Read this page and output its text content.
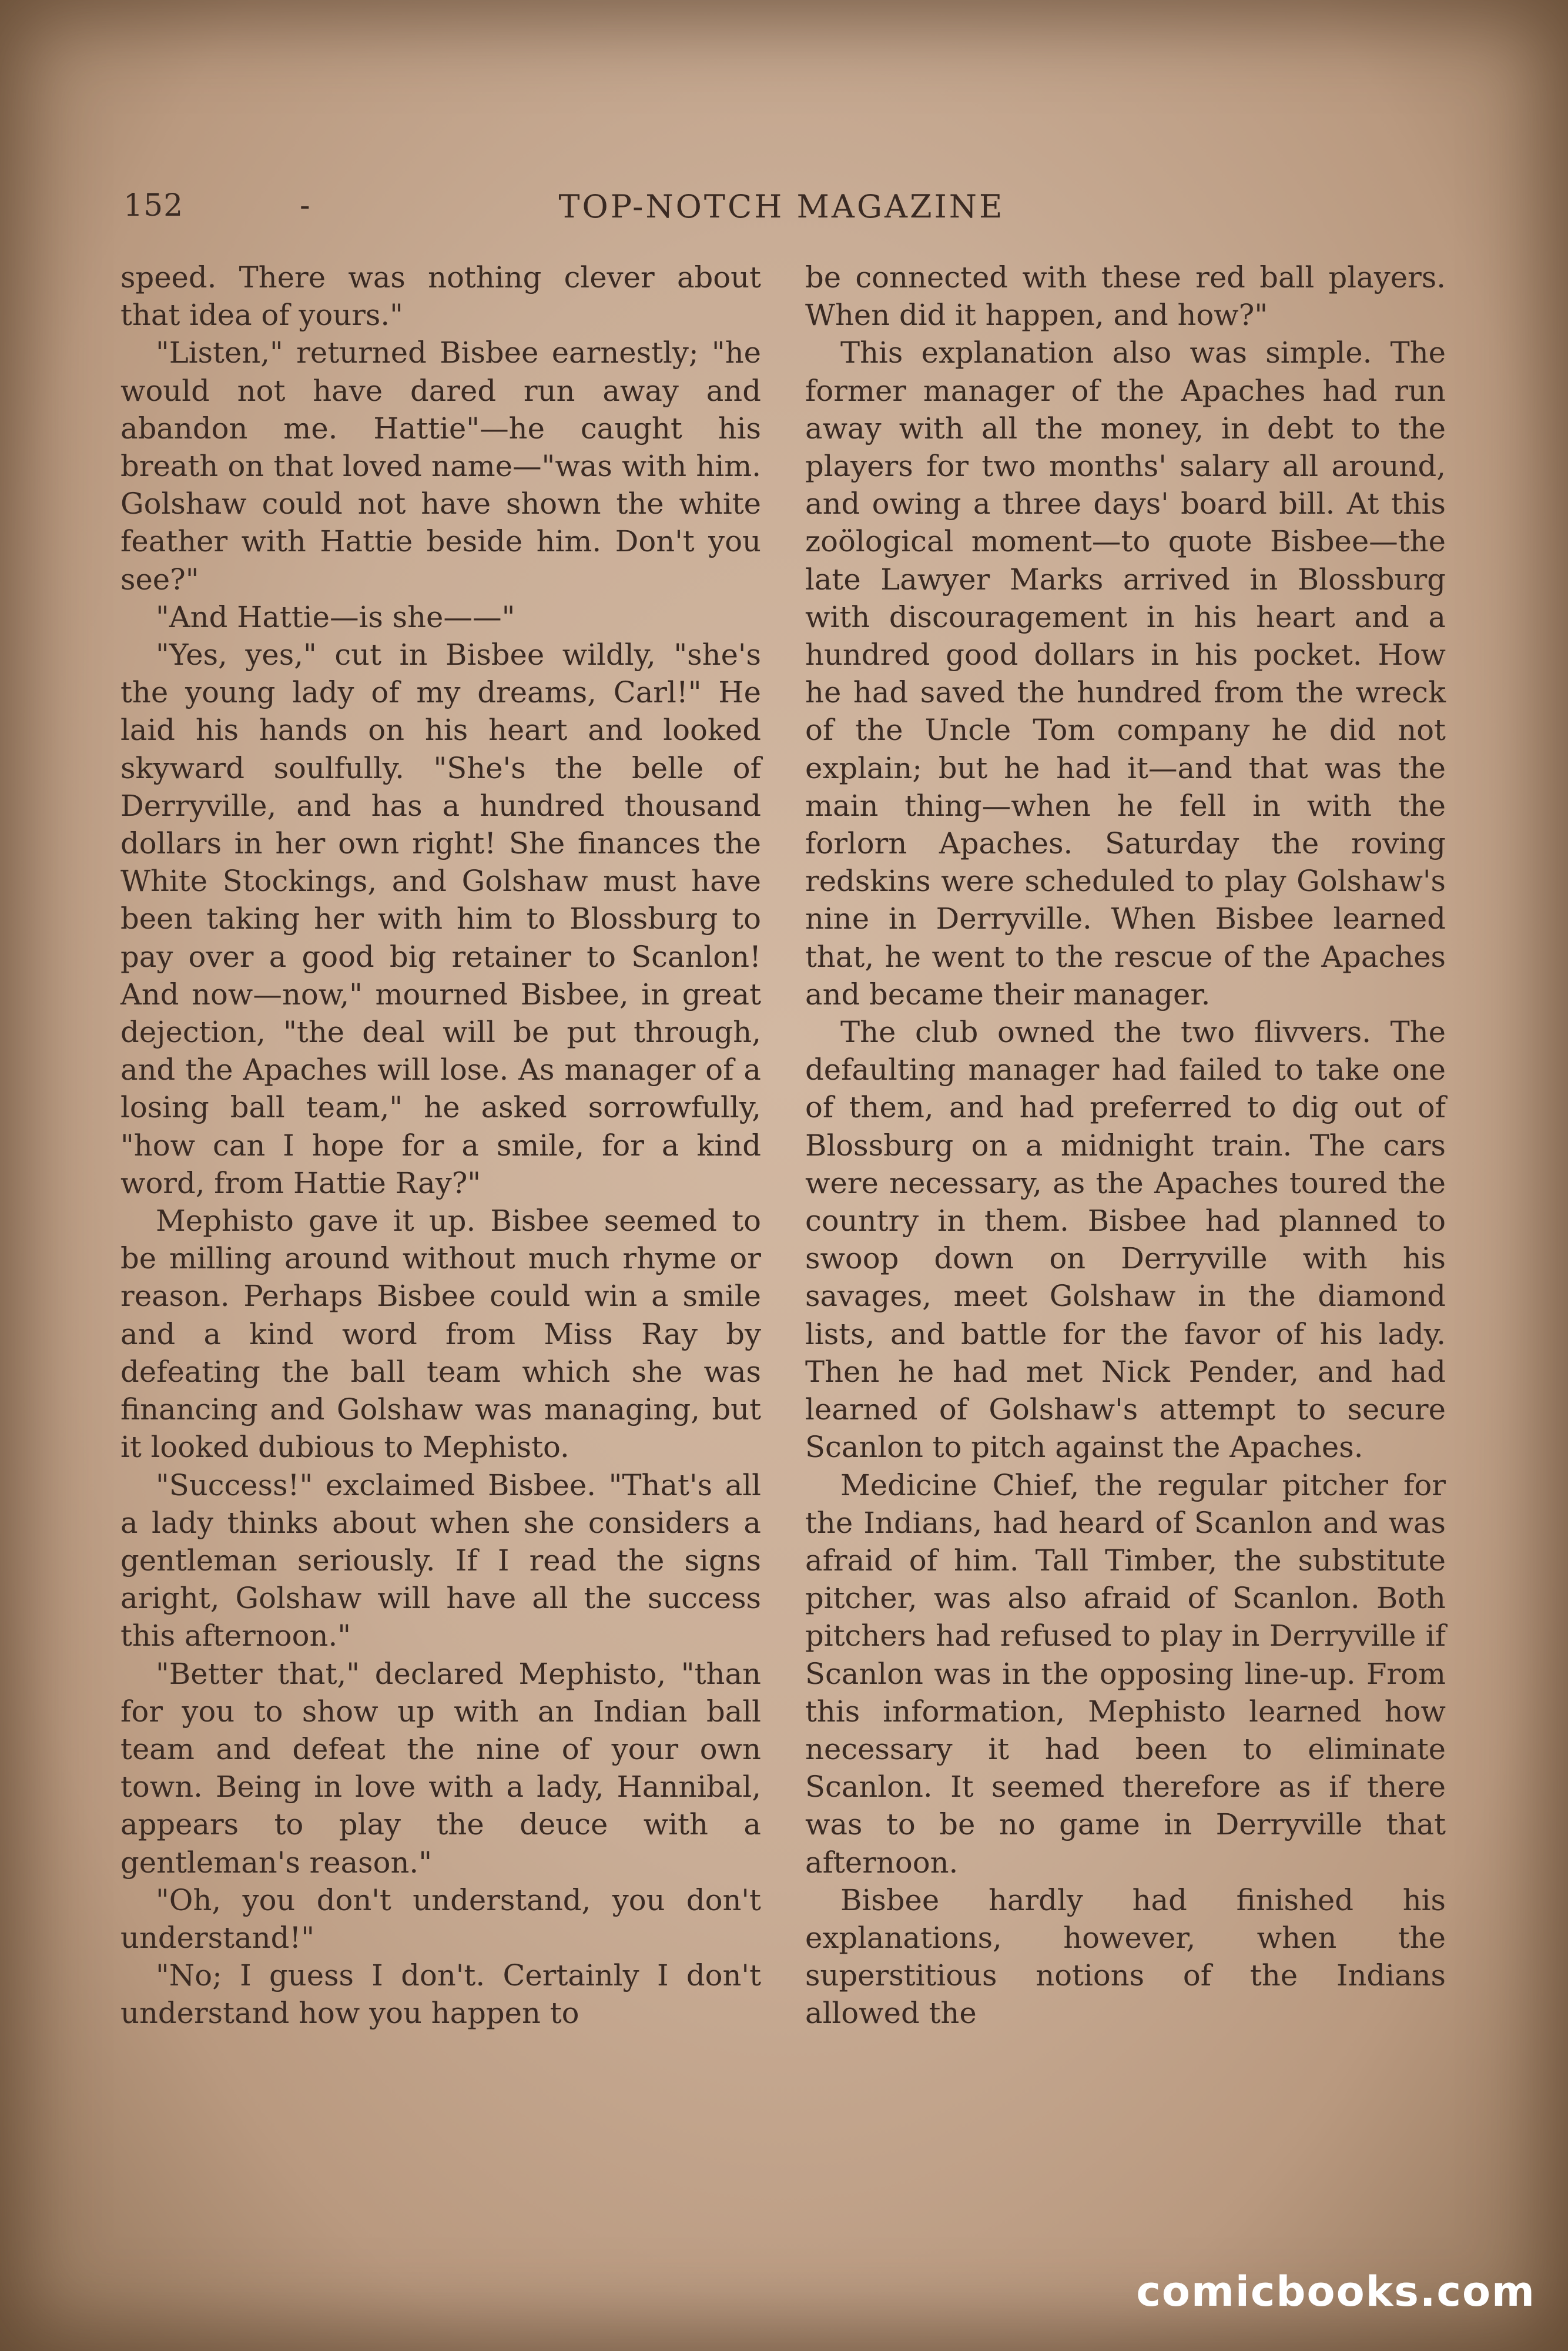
152	-	TOP-NOTCH MAGAZINE

speed. There was nothing clever about that idea of yours."

"Listen," returned Bisbee earnestly; "he would not have dared run away and abandon me. Hattie"—he caught his breath on that loved name—"was with him. Golshaw could not have shown the white feather with Hattie beside him. Don't you see?"

"And Hattie—is she——"

"Yes, yes," cut in Bisbee wildly, "she's the young lady of my dreams, Carl!" He laid his hands on his heart and looked skyward soulfully. "She's the belle of Derryville, and has a hundred thousand dollars in her own right! She finances the White Stockings, and Golshaw must have been taking her with him to Blossburg to pay over a good big retainer to Scanlon! And now—now," mourned Bisbee, in great dejection, "the deal will be put through, and the Apaches will lose. As manager of a losing ball team," he asked sorrowfully, "how can I hope for a smile, for a kind word, from Hattie Ray?"

Mephisto gave it up. Bisbee seemed to be milling around without much rhyme or reason. Perhaps Bisbee could win a smile and a kind word from Miss Ray by defeating the ball team which she was financing and Golshaw was managing, but it looked dubious to Mephisto.

"Success!" exclaimed Bisbee. "That's all a lady thinks about when she considers a gentleman seriously. If I read the signs aright, Golshaw will have all the success this afternoon."

"Better that," declared Mephisto, "than for you to show up with an Indian ball team and defeat the nine of your own town. Being in love with a lady, Hannibal, appears to play the deuce with a gentleman's reason."

"Oh, you don't understand, you don't understand!"

"No; I guess I don't. Certainly I don't understand how you happen to

be connected with these red ball players. When did it happen, and how?"

This explanation also was simple. The former manager of the Apaches had run away with all the money, in debt to the players for two months' salary all around, and owing a three days' board bill. At this zoölogical moment—to quote Bisbee—the late Lawyer Marks arrived in Blossburg with discouragement in his heart and a hundred good dollars in his pocket. How he had saved the hundred from the wreck of the Uncle Tom company he did not explain; but he had it—and that was the main thing—when he fell in with the forlorn Apaches. Saturday the roving redskins were scheduled to play Golshaw's nine in Derryville. When Bisbee learned that, he went to the rescue of the Apaches and became their manager.

The club owned the two flivvers. The defaulting manager had failed to take one of them, and had preferred to dig out of Blossburg on a midnight train. The cars were necessary, as the Apaches toured the country in them. Bisbee had planned to swoop down on Derryville with his savages, meet Golshaw in the diamond lists, and battle for the favor of his lady. Then he had met Nick Pender, and had learned of Golshaw's attempt to secure Scanlon to pitch against the Apaches.

Medicine Chief, the regular pitcher for the Indians, had heard of Scanlon and was afraid of him. Tall Timber, the substitute pitcher, was also afraid of Scanlon. Both pitchers had refused to play in Derryville if Scanlon was in the opposing line-up. From this information, Mephisto learned how necessary it had been to eliminate Scanlon. It seemed therefore as if there was to be no game in Derryville that afternoon.

Bisbee hardly had finished his explanations, however, when the superstitious notions of the Indians allowed the

comicbooks.com
